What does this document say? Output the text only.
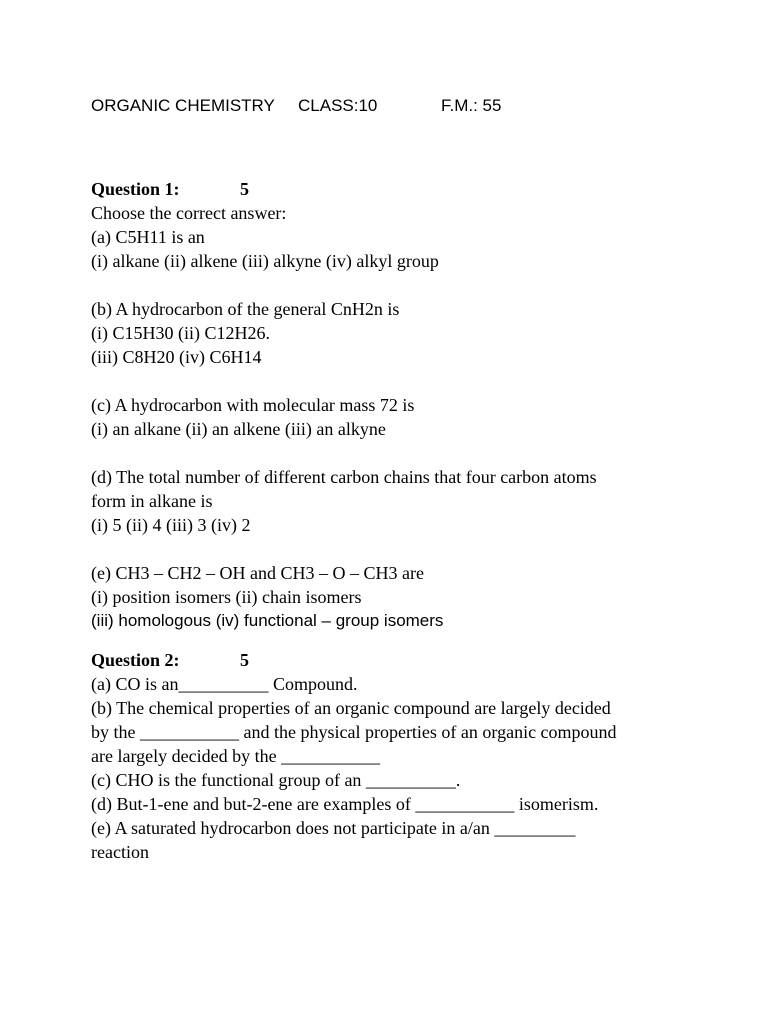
ORGANIC CHEMISTRY CLASS:10	F.M.: 55
Question 1:	5
Choose the correct answer:
(a) C5H11 is an
(i) alkane (ii) alkene (iii) alkyne (iv) alkyl group
(b) A hydrocarbon of the general CnH2n is
(i) C15H30 (ii) C12H26.
(iii) C8H20 (iv) C6H14
(c) A hydrocarbon with molecular mass 72 is
(i) an alkane (ii) an alkene (iii) an alkyne
(d) The total number of different carbon chains that four carbon atoms
form in alkane is
(i) 5 (ii) 4 (iii) 3 (iv) 2
(e) CH3 – CH2 – OH and CH3 – O – CH3 are
(i) position isomers (ii) chain isomers
(iii) homologous (iv) functional – group isomers
Question 2:	5
(a) CO is an__________ Compound.
(b) The chemical properties of an organic compound are largely decided
by the ___________ and the physical properties of an organic compound
are largely decided by the ___________
(c) CHO is the functional group of an __________.
(d) But-1-ene and but-2-ene are examples of ___________ isomerism.
(e) A saturated hydrocarbon does not participate in a/an _________
reaction
